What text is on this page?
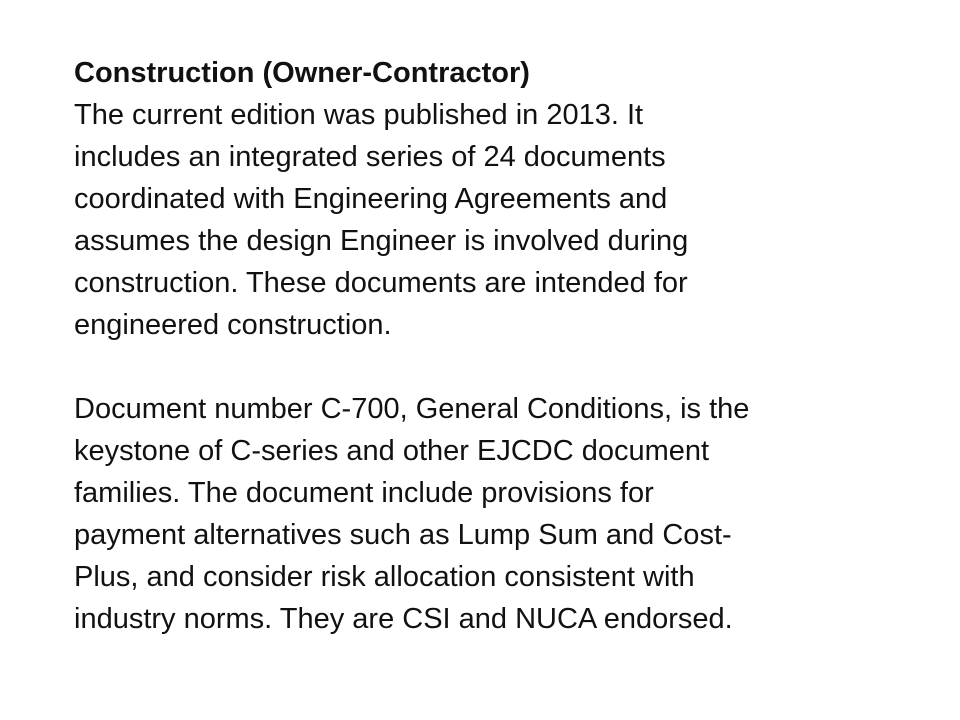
Construction (Owner-Contractor)
The current edition was published in 2013. It
includes an integrated series of 24 documents
coordinated with Engineering Agreements and
assumes the design Engineer is involved during
construction. These documents are intended for
engineered construction.
Document number C-700, General Conditions, is the
keystone of C-series and other EJCDC document
families. The document include provisions for
payment alternatives such as Lump Sum and Cost-
Plus, and consider risk allocation consistent with
industry norms. They are CSI and NUCA endorsed.
